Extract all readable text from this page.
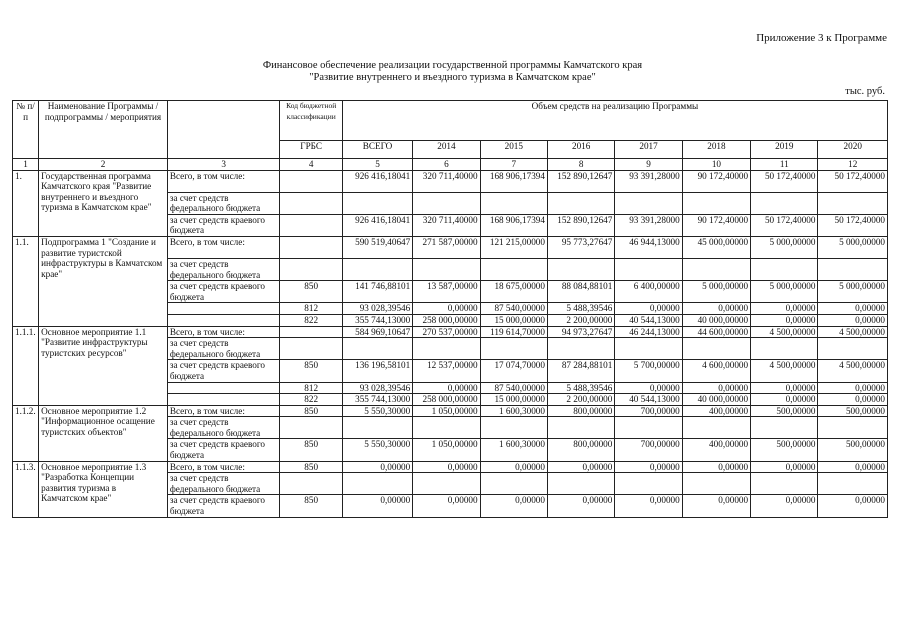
Приложение 3 к Программе
Финансовое обеспечение реализации государственной программы Камчатского края
"Развитие внутреннего и въездного туризма в Камчатском крае"
тыс. руб.
№ п/п	Наименование Программы / подпрограммы / мероприятия		Код бюджетной классификации	Объем средств на реализацию Программы							
			ГРБС	ВСЕГО	2014	2015	2016	2017	2018	2019	2020
1	2	3	4	5	6	7	8	9	10	11	12
1.	Государственная программа Камчатского края "Развитие внутреннего и въездного туризма в Камчатском крае"	Всего, в том числе:		926 416,18041	320 711,40000	168 906,17394	152 890,12647	93 391,28000	90 172,40000	50 172,40000	50 172,40000
		за счет средств федерального бюджета									
		за счет средств краевого бюджета		926 416,18041	320 711,40000	168 906,17394	152 890,12647	93 391,28000	90 172,40000	50 172,40000	50 172,40000
1.1.	Подпрограмма 1 "Создание и развитие туристской инфраструктуры в Камчатском крае"	Всего, в том числе:		590 519,40647	271 587,00000	121 215,00000	95 773,27647	46 944,13000	45 000,00000	5 000,00000	5 000,00000
		за счет средств федерального бюджета									
		за счет средств краевого бюджета	850	141 746,88101	13 587,00000	18 675,00000	88 084,88101	6 400,00000	5 000,00000	5 000,00000	5 000,00000
			812	93 028,39546	0,00000	87 540,00000	5 488,39546	0,00000	0,00000	0,00000	0,00000
			822	355 744,13000	258 000,00000	15 000,00000	2 200,00000	40 544,13000	40 000,00000	0,00000	0,00000
1.1.1.	Основное мероприятие 1.1 "Развитие инфраструктуры туристских ресурсов"	Всего, в том числе:		584 969,10647	270 537,00000	119 614,70000	94 973,27647	46 244,13000	44 600,00000	4 500,00000	4 500,00000
		за счет средств федерального бюджета									
		за счет средств краевого бюджета	850	136 196,58101	12 537,00000	17 074,70000	87 284,88101	5 700,00000	4 600,00000	4 500,00000	4 500,00000
			812	93 028,39546	0,00000	87 540,00000	5 488,39546	0,00000	0,00000	0,00000	0,00000
			822	355 744,13000	258 000,00000	15 000,00000	2 200,00000	40 544,13000	40 000,00000	0,00000	0,00000
1.1.2.	Основное мероприятие 1.2 "Информационное осащение туристских объектов"	Всего, в том числе:	850	5 550,30000	1 050,00000	1 600,30000	800,00000	700,00000	400,00000	500,00000	500,00000
		за счет средств федерального бюджета									
		за счет средств краевого бюджета	850	5 550,30000	1 050,00000	1 600,30000	800,00000	700,00000	400,00000	500,00000	500,00000
1.1.3.	Основное мероприятие 1.3 "Разработка Концепции развития туризма в Камчатском крае"	Всего, в том числе:	850	0,00000	0,00000	0,00000	0,00000	0,00000	0,00000	0,00000	0,00000
		за счет средств федерального бюджета									
		за счет средств краевого бюджета	850	0,00000	0,00000	0,00000	0,00000	0,00000	0,00000	0,00000	0,00000
